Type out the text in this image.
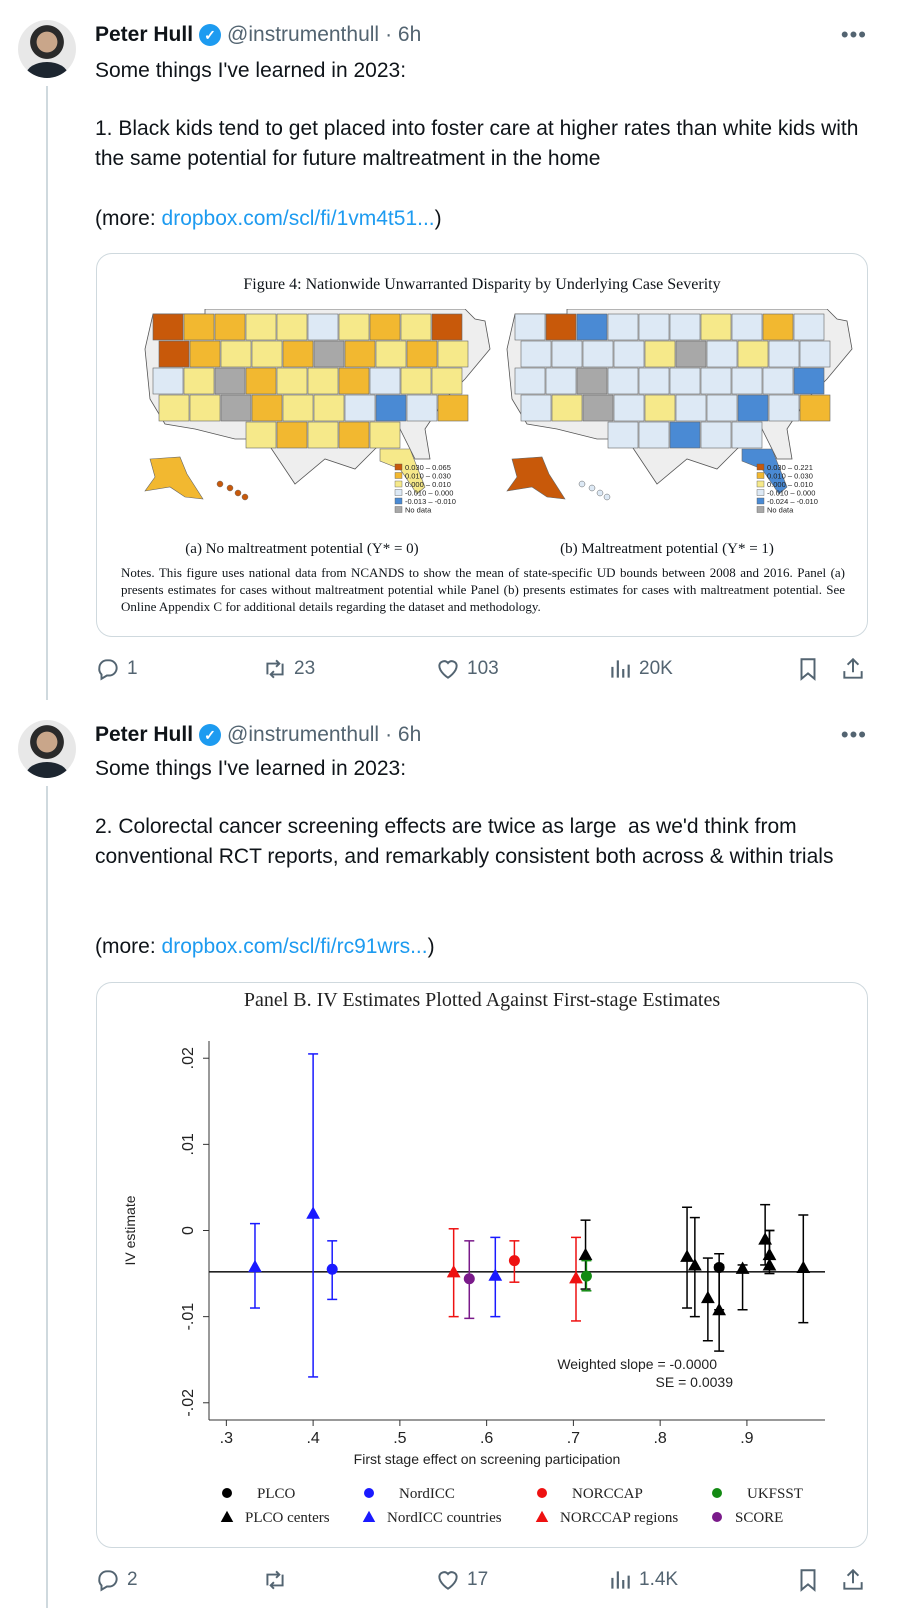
Peter Hull ✓ @instrumenthull · 6h	•••
Some things I've learned in 2023:
1. Black kids tend to get placed into foster care at higher rates than white kids with the same potential for future maltreatment in the home
(more: dropbox.com/scl/fi/1vm4t51...)
Figure 4: Nationwide Unwarranted Disparity by Underlying Case Severity
0.030 – 0.065
0.010 – 0.030
0.000 – 0.010
-0.010 – 0.000
-0.013 – -0.010
No data
0.030 – 0.221
0.010 – 0.030
0.000 – 0.010
-0.010 – 0.000
-0.024 – -0.010
No data
(a) No maltreatment potential (Y* = 0)	(b) Maltreatment potential (Y* = 1)
Notes. This figure uses national data from NCANDS to show the mean of state-specific UD bounds between 2008 and 2016. Panel (a) presents estimates for cases without maltreatment potential while Panel (b) presents estimates for cases with maltreatment potential. See Online Appendix C for additional details regarding the dataset and methodology.
1	23	103	20K
Peter Hull ✓ @instrumenthull · 6h	•••
Some things I've learned in 2023:
2. Colorectal cancer screening effects are twice as large  as we'd think from conventional RCT reports, and remarkably consistent both across & within trials
(more: dropbox.com/scl/fi/rc91wrs...)
Panel B. IV Estimates Plotted Against First-stage Estimates
.3	.4	.5	.6	.7	.8	.9
-.02
-.01
0
.01
.02
First stage effect on screening participation
IV estimate
Weighted slope = -0.0000
SE = 0.0039
PLCO	NordICC	NORCCAP	UKFSST
PLCO centers	NordICC countries	NORCCAP regions	SCORE
2	17	1.4K
